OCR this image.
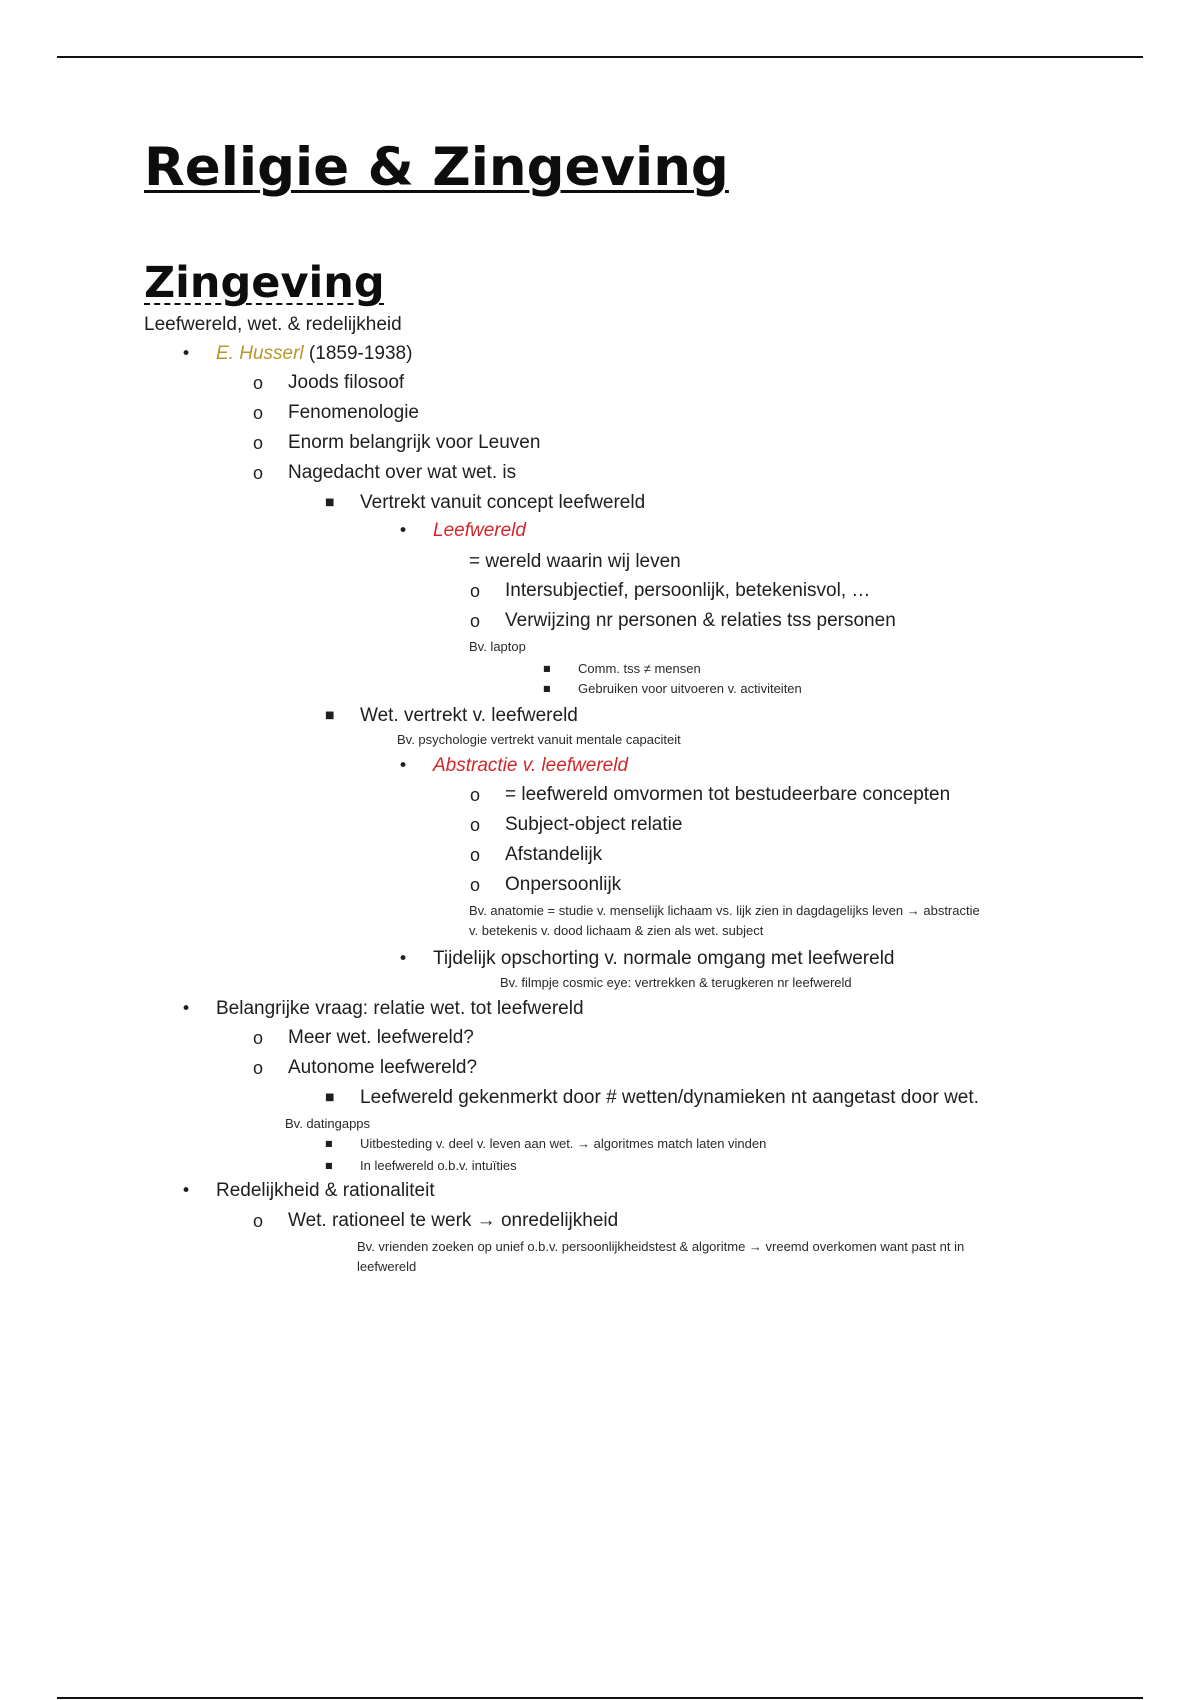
Religie & Zingeving
Zingeving
Leefwereld, wet. & redelijkheid
• E. Husserl (1859-1938)
o Joods filosoof
o Fenomenologie
o Enorm belangrijk voor Leuven
o Nagedacht over wat wet. is
■ Vertrekt vanuit concept leefwereld
• Leefwereld
= wereld waarin wij leven
o Intersubjectief, persoonlijk, betekenisvol, …
o Verwijzing nr personen & relaties tss personen
Bv. laptop
■ Comm. tss ≠ mensen
■ Gebruiken voor uitvoeren v. activiteiten
■ Wet. vertrekt v. leefwereld
Bv. psychologie vertrekt vanuit mentale capaciteit
• Abstractie v. leefwereld
o = leefwereld omvormen tot bestudeerbare concepten
o Subject-object relatie
o Afstandelijk
o Onpersoonlijk
Bv. anatomie = studie v. menselijk lichaam vs. lijk zien in dagdagelijks leven → abstractie
v. betekenis v. dood lichaam & zien als wet. subject
• Tijdelijk opschorting v. normale omgang met leefwereld
Bv. filmpje cosmic eye: vertrekken & terugkeren nr leefwereld
• Belangrijke vraag: relatie wet. tot leefwereld
o Meer wet. leefwereld?
o Autonome leefwereld?
■ Leefwereld gekenmerkt door # wetten/dynamieken nt aangetast door wet.
Bv. datingapps
■ Uitbesteding v. deel v. leven aan wet. → algoritmes match laten vinden
■ In leefwereld o.b.v. intuïties
• Redelijkheid & rationaliteit
o Wet. rationeel te werk → onredelijkheid
Bv. vrienden zoeken op unief o.b.v. persoonlijkheidstest & algoritme → vreemd overkomen want past nt in
leefwereld
